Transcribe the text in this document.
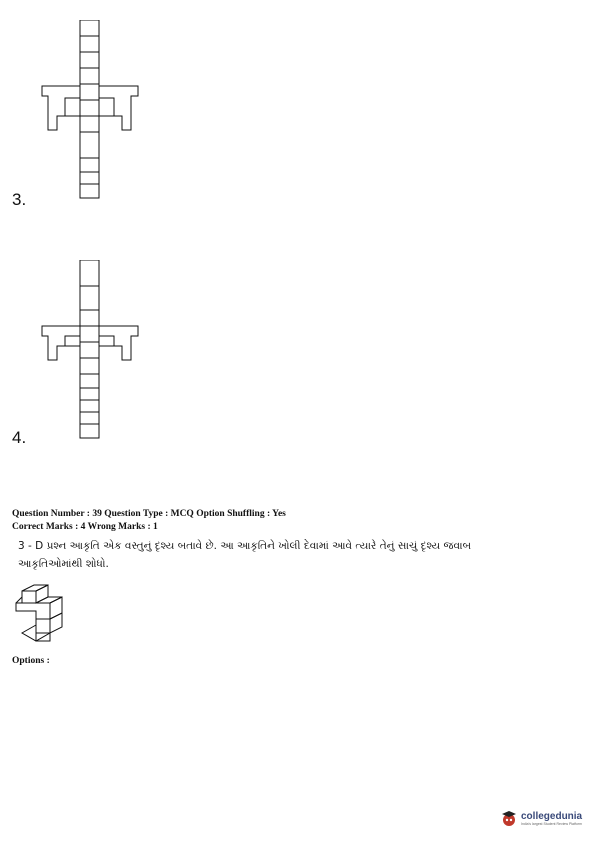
3.
4.
Question Number : 39 Question Type : MCQ Option Shuffling : Yes
Correct Marks : 4 Wrong Marks : 1
3 - D પ્રશ્ન આકૃતિ એક વસ્તુનું દૃશ્ય બતાવે છે. આ આકૃતિને ખોલી દેવામાં આવે ત્યારે તેનું સાચું દૃશ્ય જવાબ
આકૃતિઓમાંથી શોધો.
Options :
collegedunia
India's largest Student Review Platform
